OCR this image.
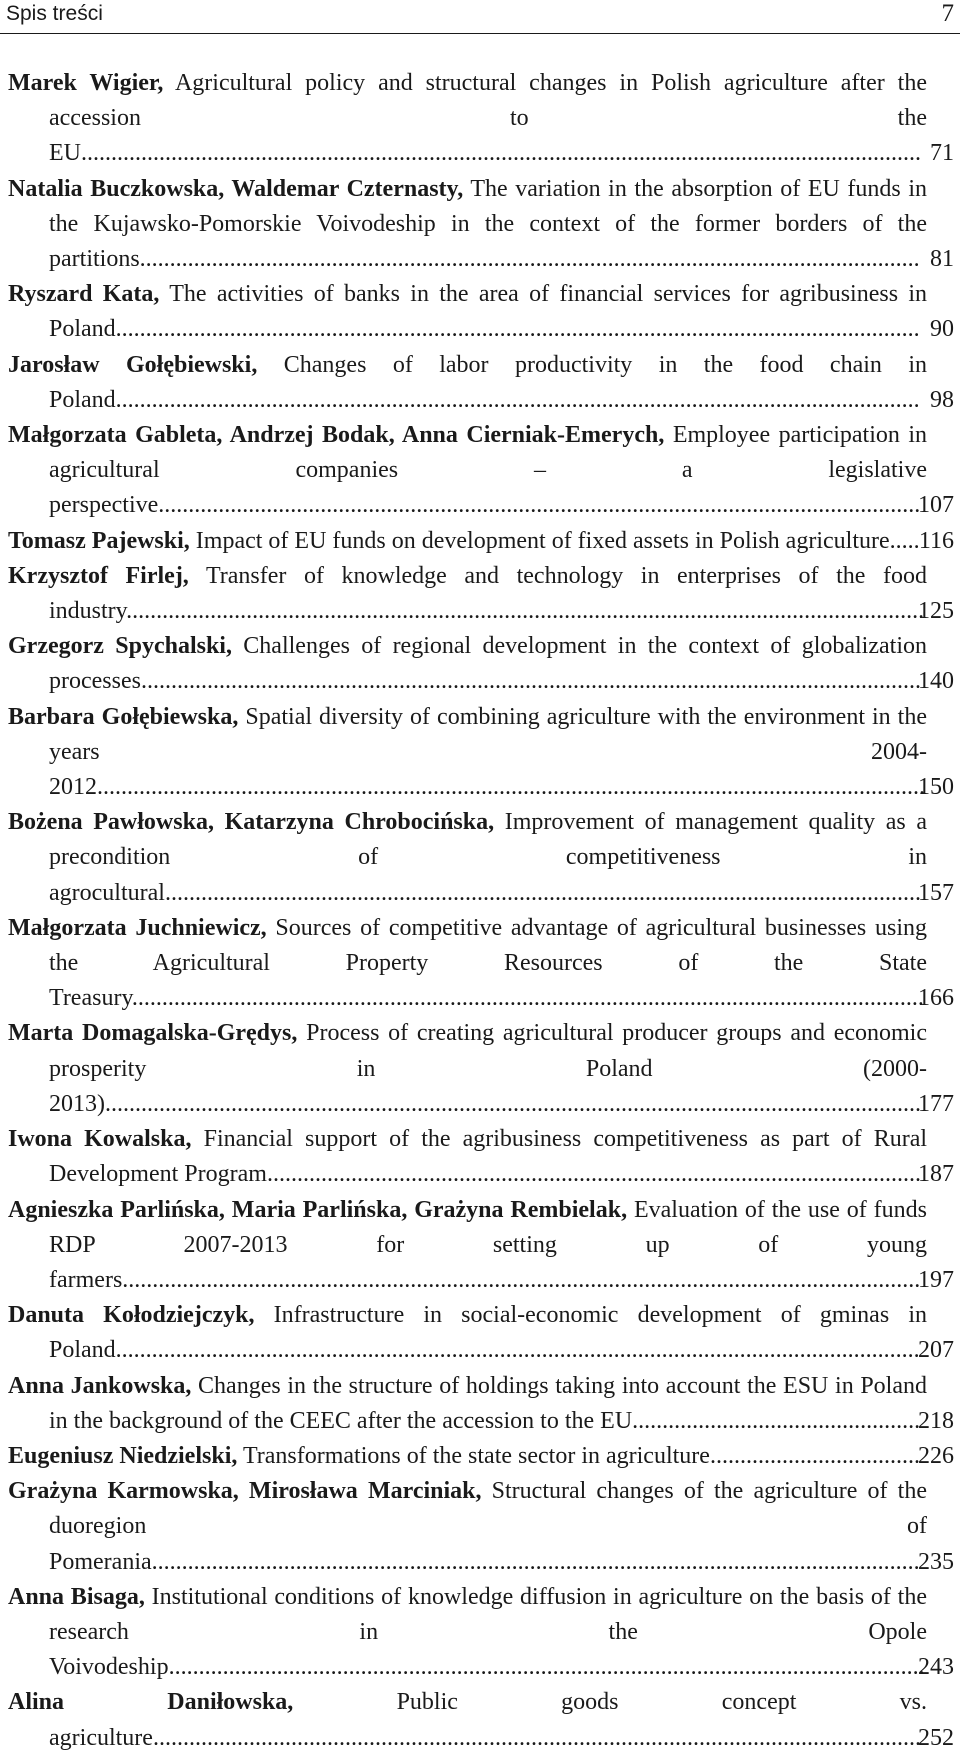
Spis treści	7
Marek Wigier, Agricultural policy and structural changes in Polish agriculture after the accession to the EU............................................................................................................................................ 71
Natalia Buczkowska, Waldemar Czternasty, The variation in the absorption of EU funds in the Kujawsko-Pomorskie Voivodeship in the context of the former borders of the partitions.................................................................................................................................. 81
Ryszard Kata, The activities of banks in the area of financial services for agribusiness in Poland...................................................................................................................................... 90
Jarosław Gołębiewski, Changes of labor productivity in the food chain in Poland...................................................................................................................................... 98
Małgorzata Gableta, Andrzej Bodak, Anna Cierniak-Emerych, Employee participation in agricultural companies – a legislative perspective...............................................................................................................................
107
Tomasz Pajewski, Impact of EU funds on development of fixed assets in Polish agriculture..... 116
Krzysztof Firlej, Transfer of knowledge and technology in enterprises of the food industry.....................................................................................................................................
125
Grzegorz Spychalski, Challenges of regional development in the context of globalization processes..................................................................................................................................
140
Barbara Gołębiewska, Spatial diversity of combining agriculture with the environment in the years 2004-2012..........................................................................................................................................
150
Bożena Pawłowska, Katarzyna Chrobocińska, Improvement of management quality as a precondition of competitiveness in agrocultural..............................................................................................................................
157
Małgorzata Juchniewicz, Sources of competitive advantage of agricultural businesses using the Agricultural Property Resources of the State Treasury....................................................................................................................................
166
Marta Domagalska-Grędys, Process of creating agricultural producer groups and economic prosperity in Poland (2000-2013)........................................................................................................................................
177
Iwona Kowalska, Financial support of the agribusiness competitiveness as part of Rural Development Program.............................................................................................................
187
Agnieszka Parlińska, Maria Parlińska, Grażyna Rembielak, Evaluation of the use of funds RDP 2007-2013 for setting up of young farmers.....................................................................................................................................
197
Danuta Kołodziejczyk, Infrastructure in social-economic development of gminas in Poland......................................................................................................................................
207
Anna Jankowska, Changes in the structure of holdings taking into account the ESU in Poland in the background of the CEEC after the accession to the EU................................................
218
Eugeniusz Niedzielski, Transformations of the state sector in agriculture...................................
226
Grażyna Karmowska, Mirosława Marciniak, Structural changes of the agriculture of the duoregion of Pomerania................................................................................................................................
235
Anna Bisaga, Institutional conditions of knowledge diffusion in agriculture on the basis of the research in the Opole Voivodeship..............................................................................................................................
243
Alina Daniłowska,	Public goods concept vs. agriculture................................................................................................................................
252
